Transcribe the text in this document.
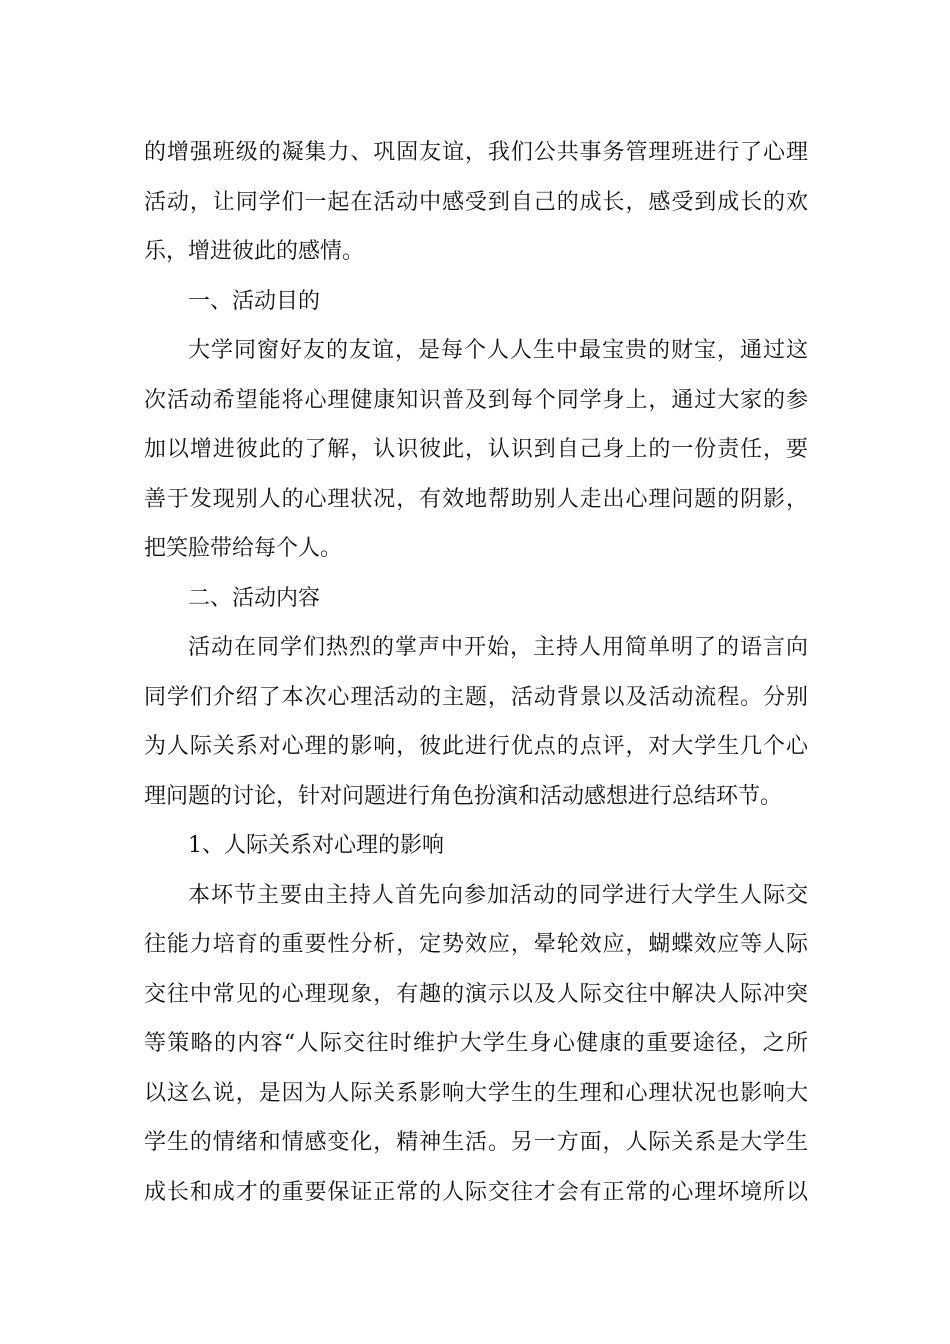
的增强班级的凝集力、巩固友谊，我们公共事务管理班进行了心理
活动，让同学们一起在活动中感受到自己的成长，感受到成长的欢
乐，增进彼此的感情。
一、活动目的
大学同窗好友的友谊，是每个人人生中最宝贵的财宝，通过这
次活动希望能将心理健康知识普及到每个同学身上，通过大家的参
加以增进彼此的了解，认识彼此，认识到自己身上的一份责任，要
善于发现别人的心理状况，有效地帮助别人走出心理问题的阴影，
把笑脸带给每个人。
二、活动内容
活动在同学们热烈的掌声中开始，主持人用简单明了的语言向
同学们介绍了本次心理活动的主题，活动背景以及活动流程。分别
为人际关系对心理的影响，彼此进行优点的点评，对大学生几个心
理问题的讨论，针对问题进行角色扮演和活动感想进行总结环节。
1、人际关系对心理的影响
本坏节主要由主持人首先向参加活动的同学进行大学生人际交
往能力培育的重要性分析，定势效应，晕轮效应，蝴蝶效应等人际
交往中常见的心理现象，有趣的演示以及人际交往中解决人际冲突
等策略的内容“人际交往时维护大学生身心健康的重要途径，之所
以这么说，是因为人际关系影响大学生的生理和心理状况也影响大
学生的情绪和情感变化，精神生活。另一方面，人际关系是大学生
成长和成才的重要保证正常的人际交往才会有正常的心理坏境所以
